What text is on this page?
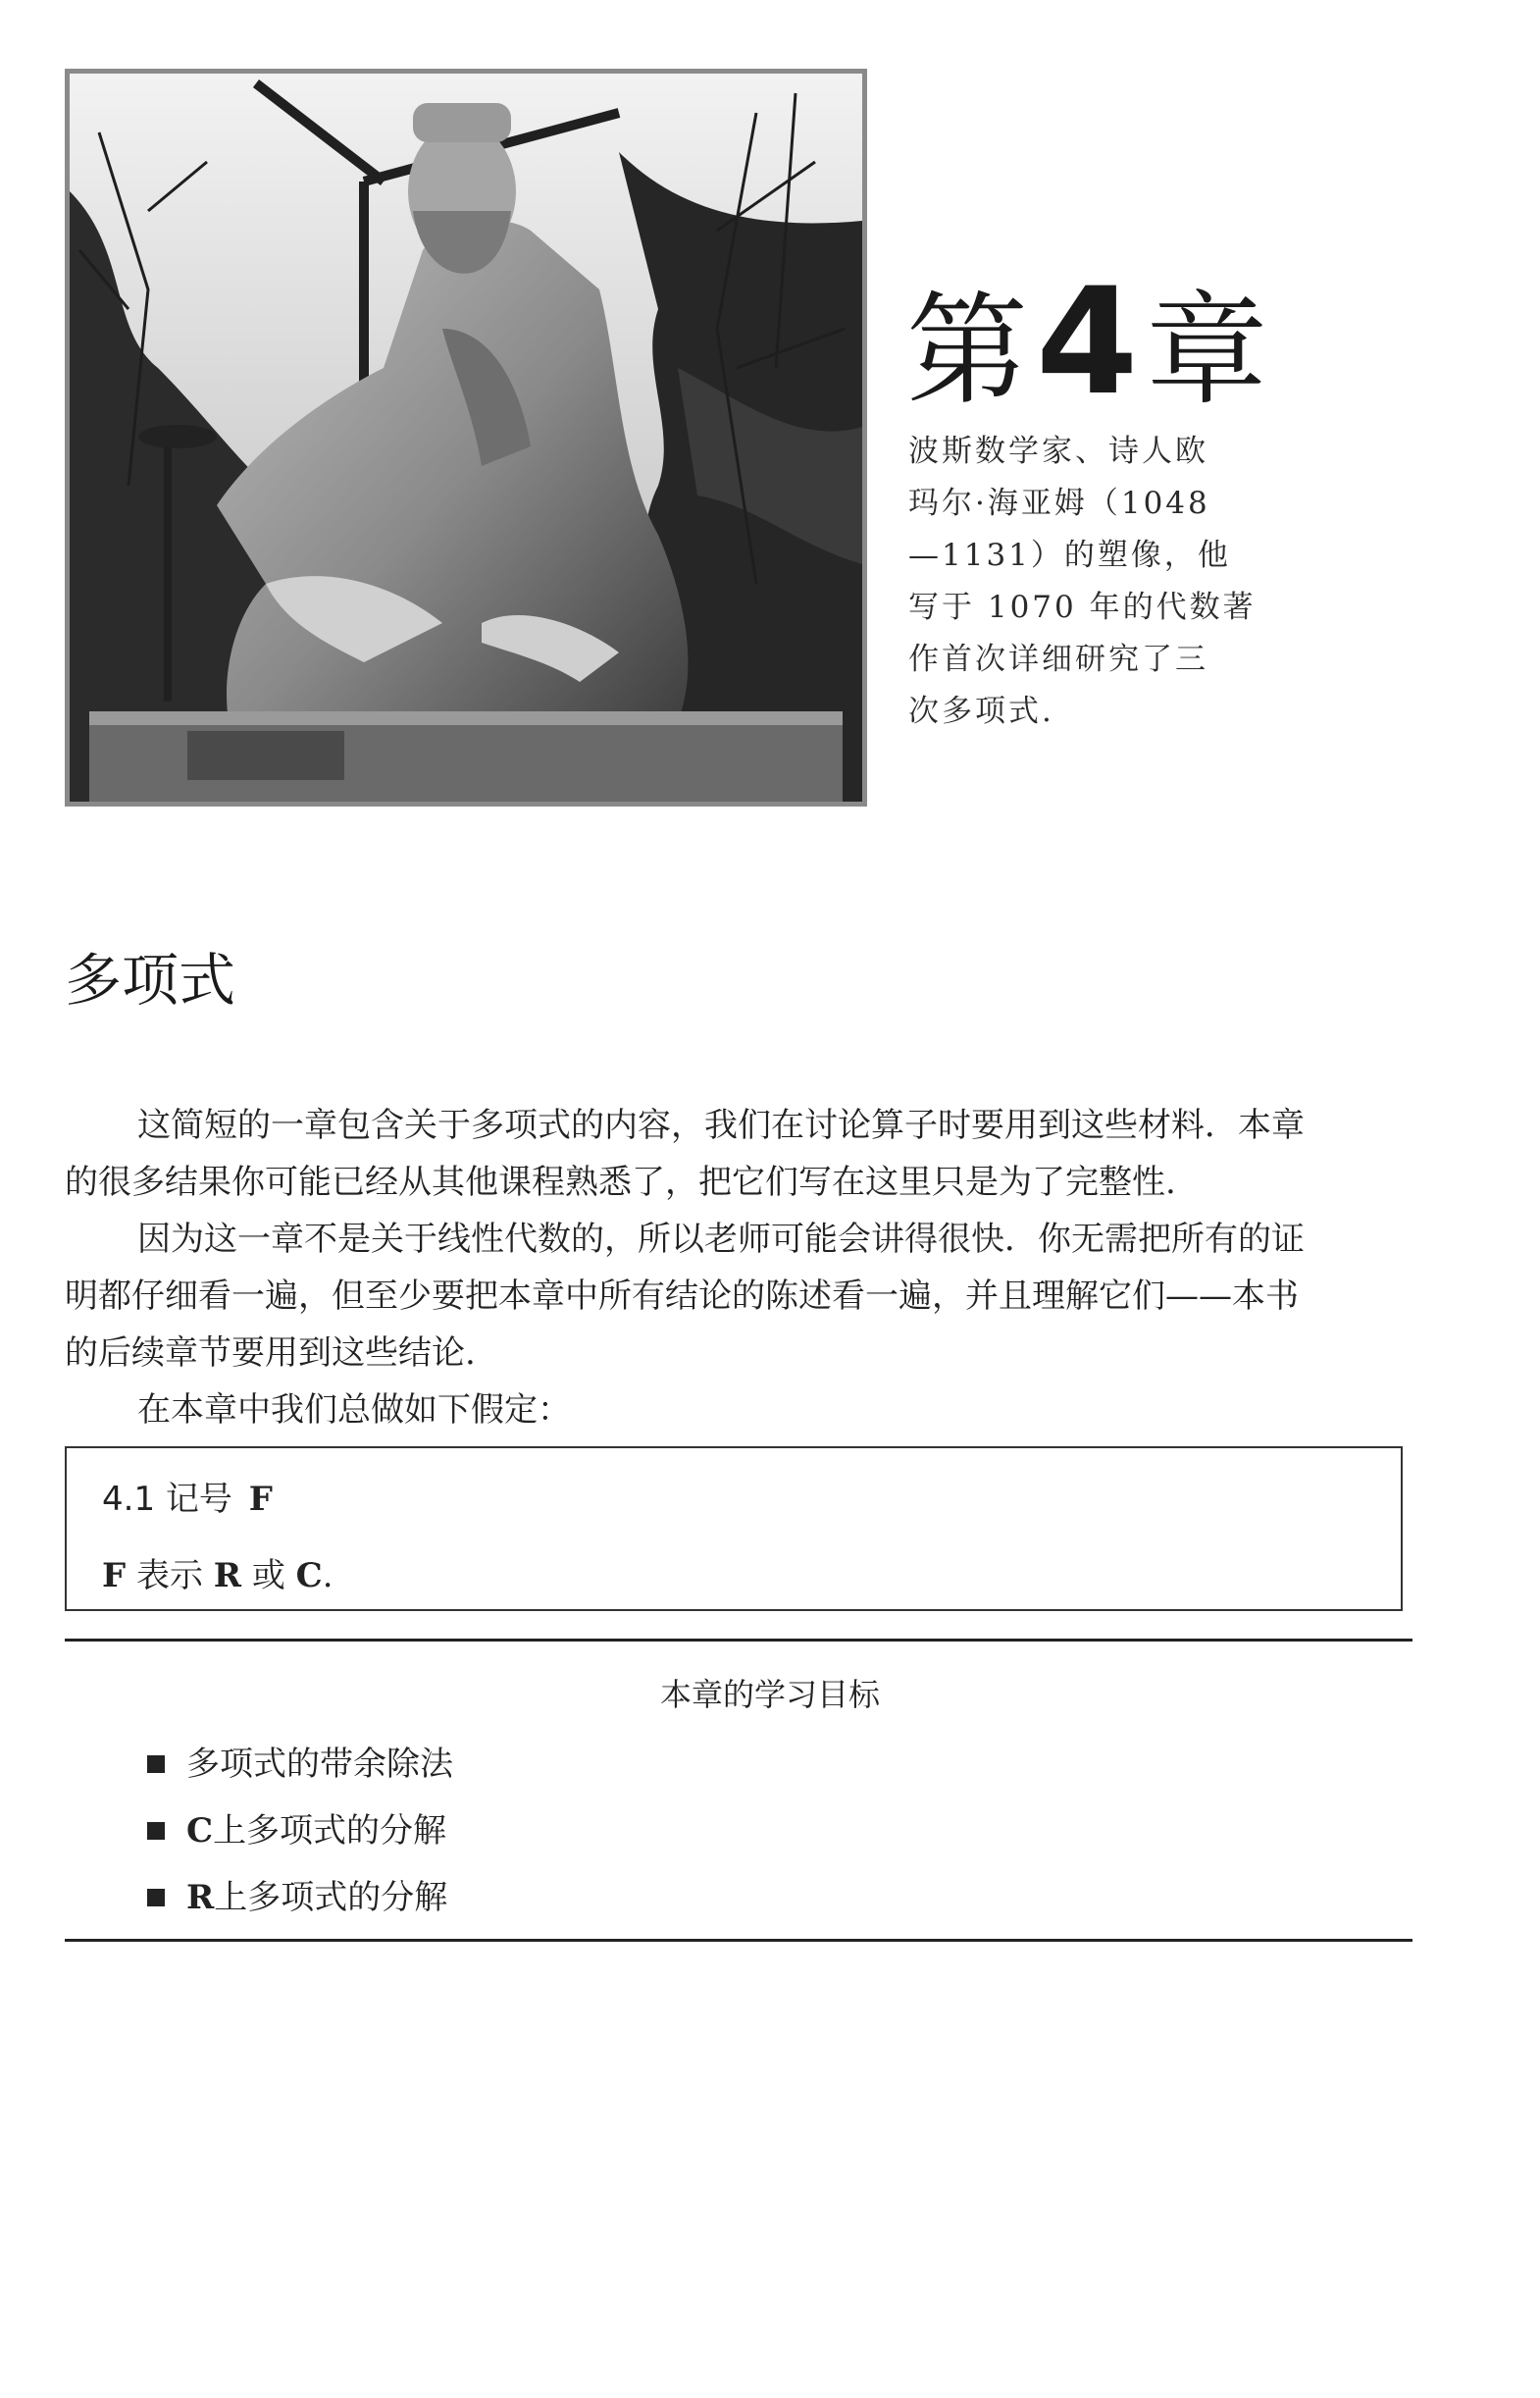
第 4 章
波斯数学家、诗人欧
玛尔·海亚姆（1048
—1131）的塑像，他
写于 1070 年的代数著
作首次详细研究了三
次多项式.
多项式
这简短的一章包含关于多项式的内容，我们在讨论算子时要用到这些材料．本章
的很多结果你可能已经从其他课程熟悉了，把它们写在这里只是为了完整性.
因为这一章不是关于线性代数的，所以老师可能会讲得很快．你无需把所有的证
明都仔细看一遍，但至少要把本章中所有结论的陈述看一遍，并且理解它们——本书
的后续章节要用到这些结论.
在本章中我们总做如下假定：
4.1 记号 F
F 表示 R 或 C.
本章的学习目标
多项式的带余除法
C 上多项式的分解
R 上多项式的分解
